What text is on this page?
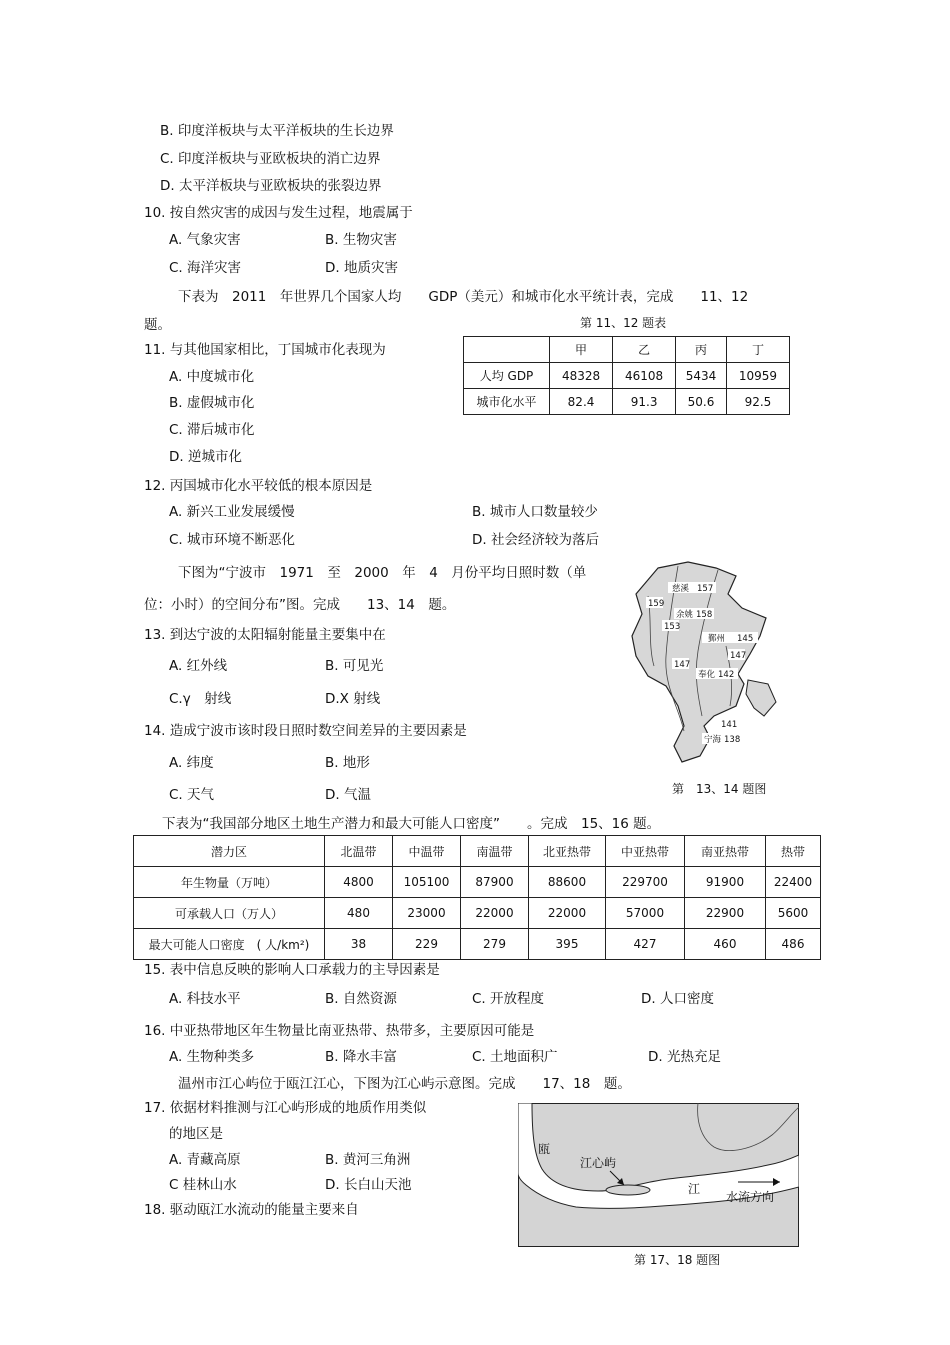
B. 印度洋板块与太平洋板块的生长边界
C. 印度洋板块与亚欧板块的消亡边界
D. 太平洋板块与亚欧板块的张裂边界
10. 按自然灾害的成因与发生过程，地震属于
A. 气象灾害	B. 生物灾害
C. 海洋灾害	D. 地质灾害
下表为　2011　年世界几个国家人均　　GDP（美元）和城市化水平统计表，完成　　11、12
题。	第 11、12 题表
	甲	乙	丙	丁
人均 GDP	48328	46108	5434	10959
城市化水平	82.4	91.3	50.6	92.5
11. 与其他国家相比，丁国城市化表现为
A. 中度城市化
B. 虚假城市化
C. 滞后城市化
D. 逆城市化
12. 丙国城市化水平较低的根本原因是
A. 新兴工业发展缓慢	B. 城市人口数量较少
C. 城市环境不断恶化	D. 社会经济较为落后
下图为“宁波市　1971　至　2000　年　4　月份平均日照时数（单
位：小时）的空间分布”图。完成　　13、14　题。
慈溪 157
159
余姚 158
153
鄞州 145
147
147
奉化 142
141
宁海 138
第　13、14 题图
13. 到达宁波的太阳辐射能量主要集中在
A. 红外线	B. 可见光
C.γ　射线	D.X 射线
14. 造成宁波市该时段日照时数空间差异的主要因素是
A. 纬度	B. 地形
C. 天气	D. 气温
下表为“我国部分地区土地生产潜力和最大可能人口密度”　　。完成　15、16 题。
潜力区	北温带	中温带	南温带	北亚热带	中亚热带	南亚热带	热带
年生物量（万吨）	4800	105100	87900	88600	229700	91900	22400
可承载人口（万人）	480	23000	22000	22000	57000	22900	5600
最大可能人口密度　( 人/km²)	38	229	279	395	427	460	486
15. 表中信息反映的影响人口承载力的主导因素是
A. 科技水平	B. 自然资源	C. 开放程度	D. 人口密度
16. 中亚热带地区年生物量比南亚热带、热带多，主要原因可能是
A. 生物种类多	B. 降水丰富	C. 土地面积广	D. 光热充足
温州市江心屿位于瓯江江心，下图为江心屿示意图。完成　　17、18　题。
17. 依据材料推测与江心屿形成的地质作用类似
的地区是
A. 青藏高原	B. 黄河三角洲
C 桂林山水	D. 长白山天池
18. 驱动瓯江水流动的能量主要来自
瓯
江心屿
江
水流方向
第 17、18 题图
